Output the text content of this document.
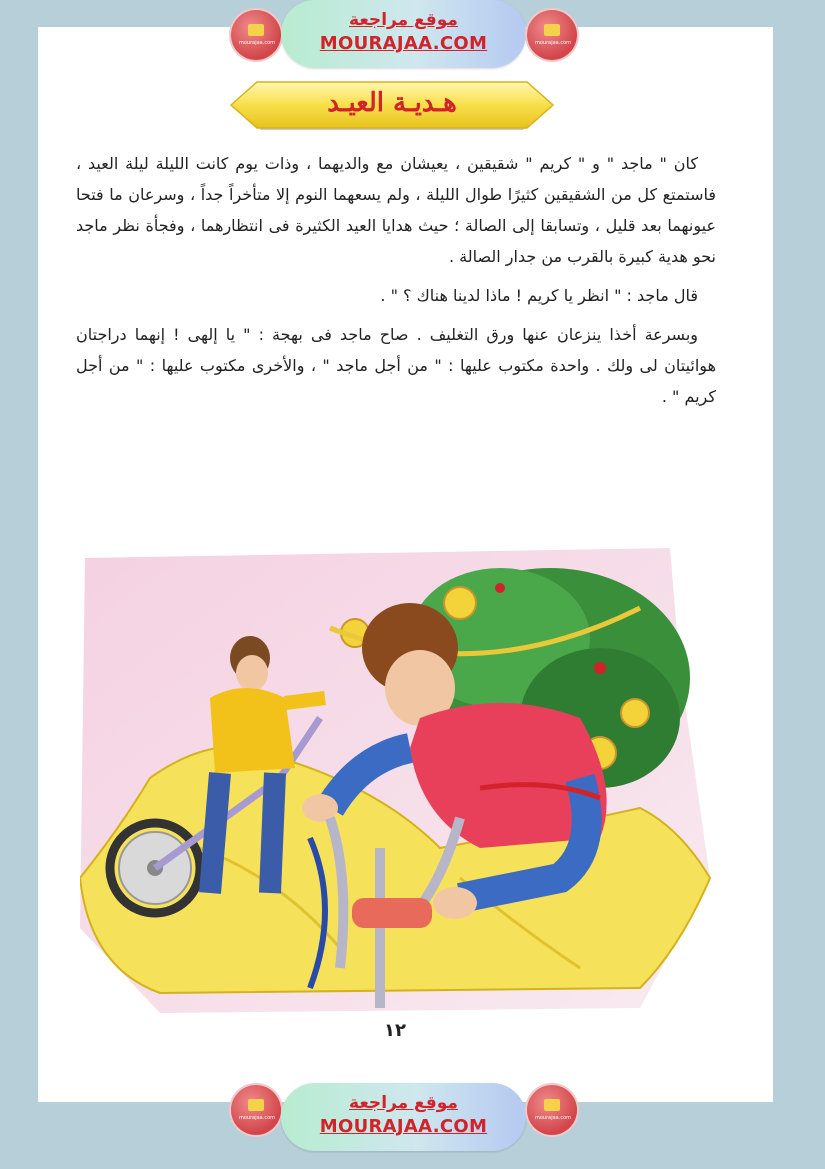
mourajaa.com
موقع مراجعة
MOURAJAA.COM	mourajaa.com
هـديـة العيـد

كان " ماجد " و " كريم " شقيقين ، يعيشان مع والديهما ، وذات يوم كانت الليلة ليلة العيد ، فاستمتع كل من الشقيقين كثيرًا طوال الليلة ، ولم يسعهما النوم إلا متأخراً جداً ، وسرعان ما فتحا عيونهما بعد قليل ، وتسابقا إلى الصالة ؛ حيث هدايا العيد الكثيرة فى انتظارهما ، وفجأة نظر ماجد نحو هدية كبيرة بالقرب من جدار الصالة .

قال ماجد : " انظر يا كريم ! ماذا لدينا هناك ؟ " .

وبسرعة أخذا ينزعان عنها ورق التغليف . صاح ماجد فى بهجة : " يا إلهى ! إنهما دراجتان هوائيتان لى ولك . واحدة مكتوب عليها : " من أجل ماجد " ، والأخرى مكتوب عليها : " من أجل كريم " .

١٢
mourajaa.com
موقع مراجعة
MOURAJAA.COM	mourajaa.com
